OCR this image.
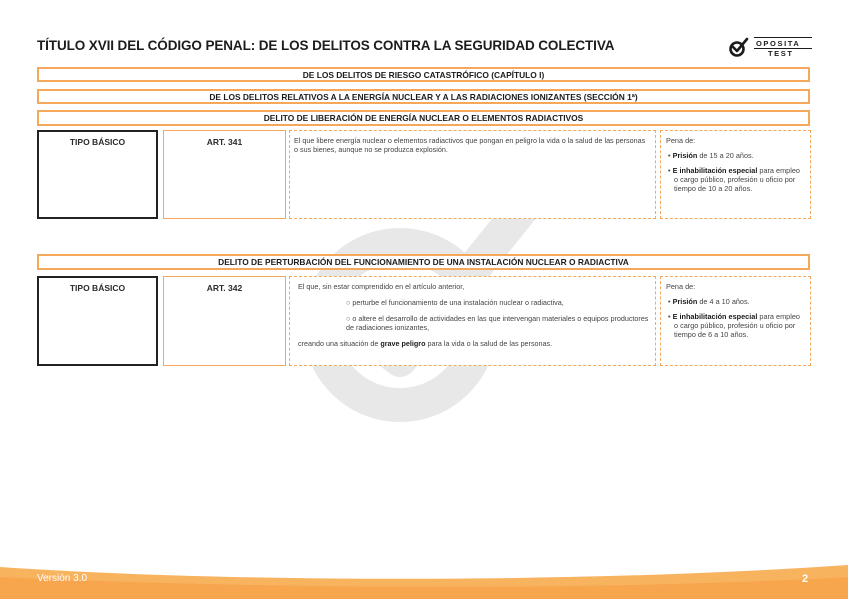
TÍTULO XVII DEL CÓDIGO PENAL: DE LOS DELITOS CONTRA LA SEGURIDAD COLECTIVA	OPOSITA
TEST
DE LOS DELITOS DE RIESGO CATASTRÓFICO (CAPÍTULO I)
DE LOS DELITOS RELATIVOS A LA ENERGÍA NUCLEAR Y A LAS RADIACIONES IONIZANTES (SECCIÓN 1ª)
DELITO DE LIBERACIÓN DE ENERGÍA NUCLEAR O ELEMENTOS RADIACTIVOS
TIPO BÁSICO	ART. 341	El que libere energía nuclear o elementos radiactivos que pongan en peligro la vida o la salud de las personas o sus bienes, aunque no se produzca explosión.
Pena de:
• Prisión de 15 a 20 años.
• E inhabilitación especial para empleo o cargo público, profesión u oficio por tiempo de 10 a 20 años.
DELITO DE PERTURBACIÓN DEL FUNCIONAMIENTO DE UNA INSTALACIÓN NUCLEAR O RADIACTIVA
TIPO BÁSICO	ART. 342	El que, sin estar comprendido en el artículo anterior,
○ perturbe el funcionamiento de una instalación nuclear o radiactiva,
○ o altere el desarrollo de actividades en las que intervengan materiales o equipos productores de radiaciones ionizantes,
creando una situación de grave peligro para la vida o la salud de las personas.
Pena de:
• Prisión de 4 a 10 años.
• E inhabilitación especial para empleo o cargo público, profesión u oficio por tiempo de 6 a 10 años.
Versión 3.0	2
